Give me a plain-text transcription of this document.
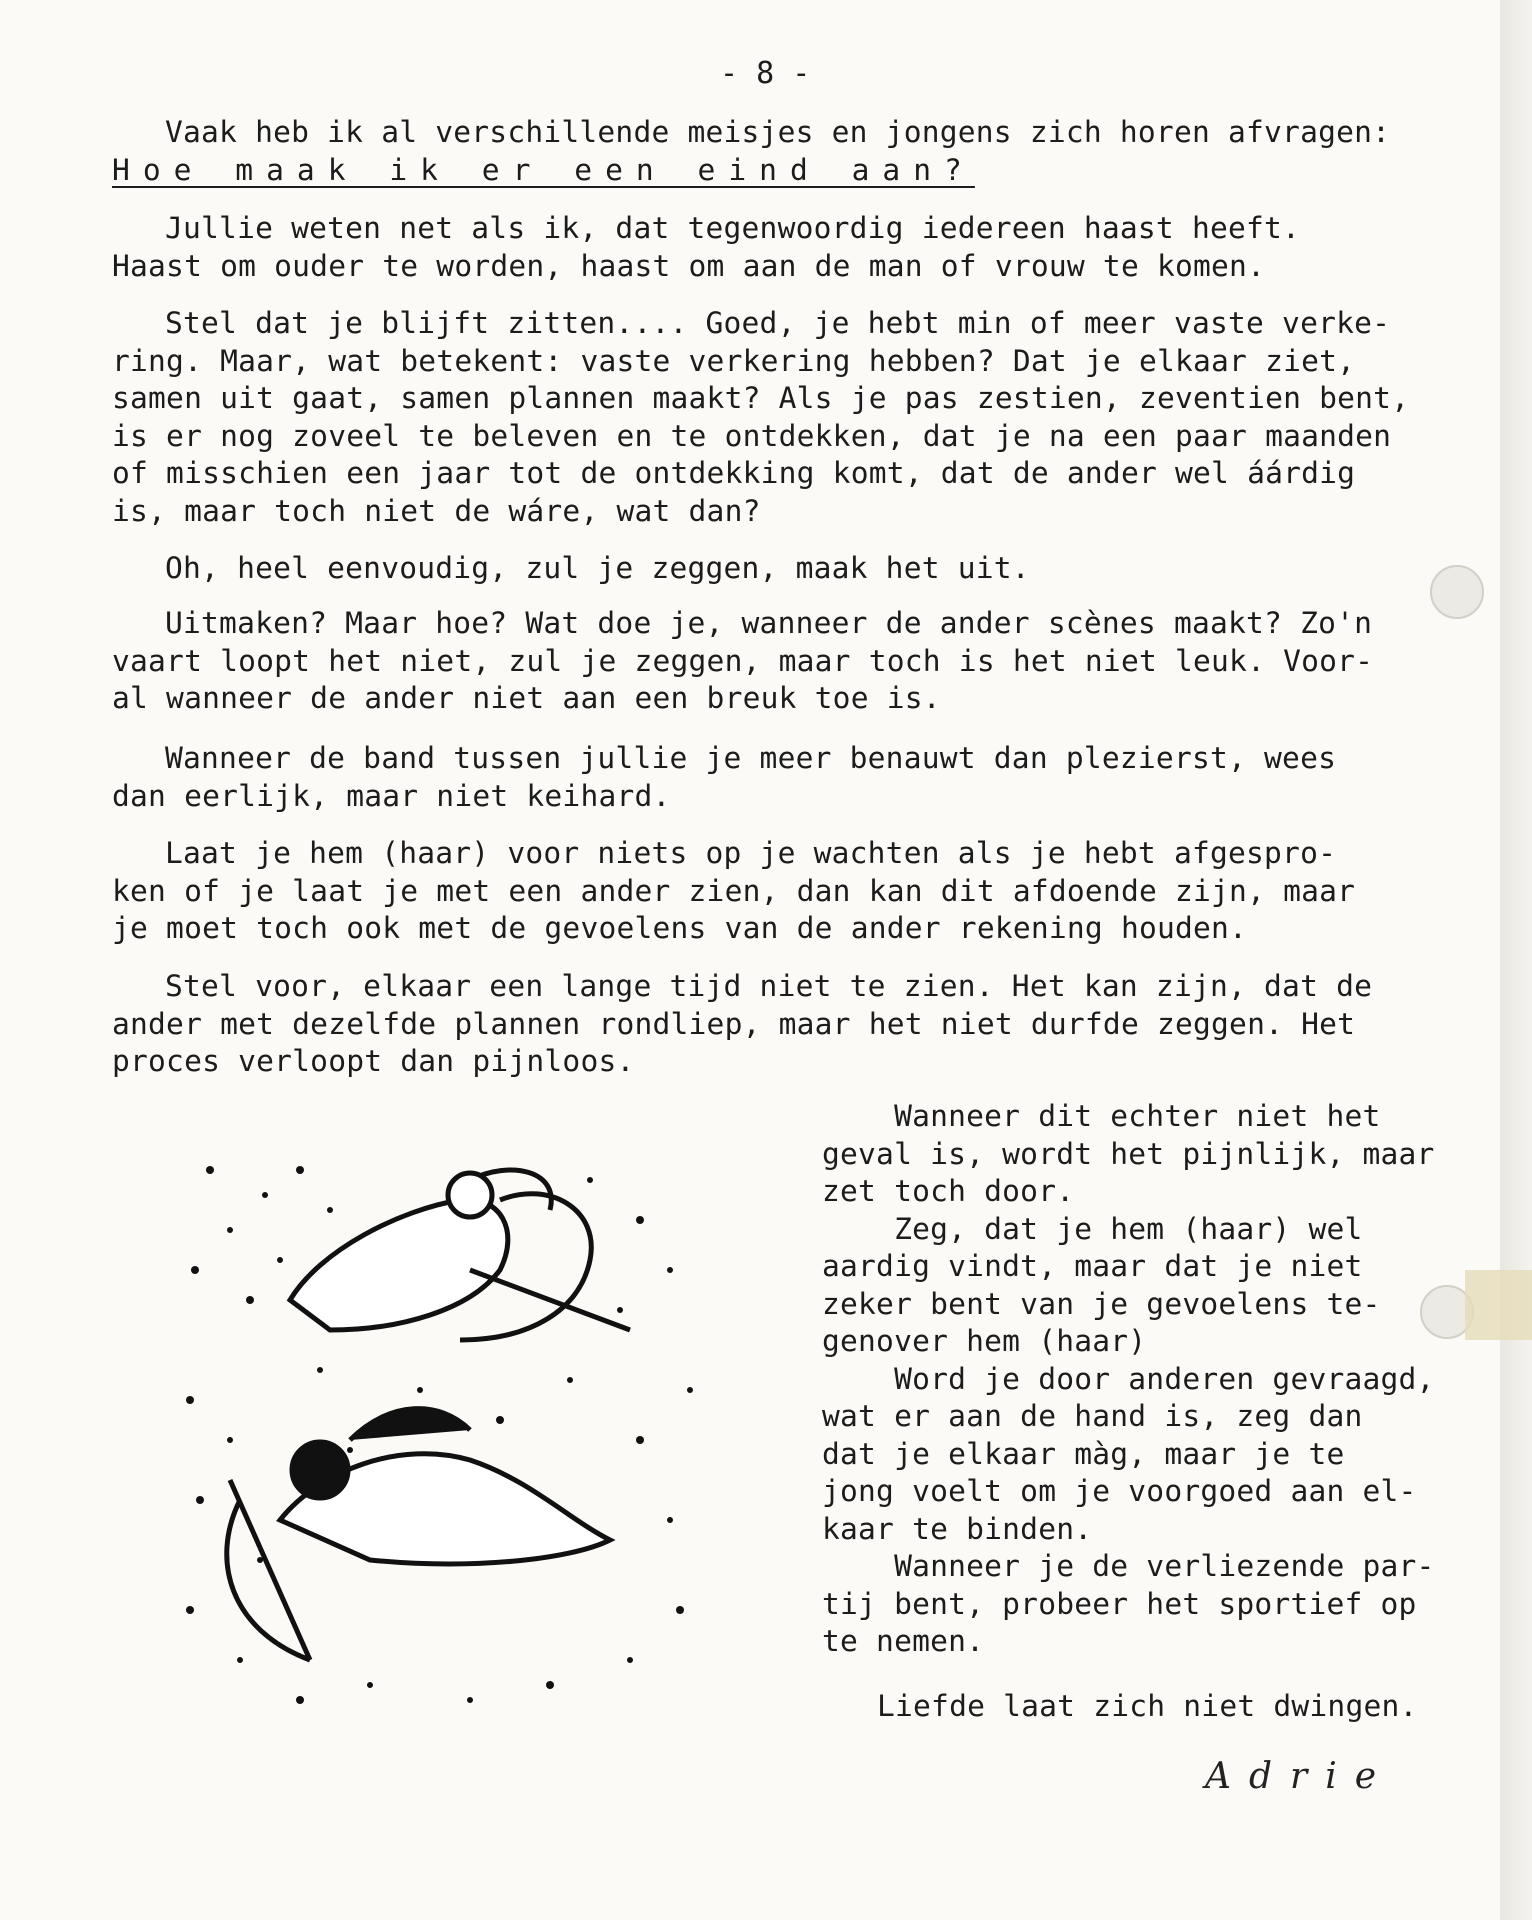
- 8 -
Vaak heb ik al verschillende meisjes en jongens zich horen afvragen:
Hoe maak ik er een eind aan?
Jullie weten net als ik, dat tegenwoordig iedereen haast heeft.
Haast om ouder te worden, haast om aan de man of vrouw te komen.
Stel dat je blijft zitten.... Goed, je hebt min of meer vaste verke-
ring. Maar, wat betekent: vaste verkering hebben? Dat je elkaar ziet,
samen uit gaat, samen plannen maakt? Als je pas zestien, zeventien bent,
is er nog zoveel te beleven en te ontdekken, dat je na een paar maanden
of misschien een jaar tot de ontdekking komt, dat de ander wel áárdig
is, maar toch niet de wáre, wat dan?
Oh, heel eenvoudig, zul je zeggen, maak het uit.
Uitmaken? Maar hoe? Wat doe je, wanneer de ander scènes maakt? Zo'n
vaart loopt het niet, zul je zeggen, maar toch is het niet leuk. Voor-
al wanneer de ander niet aan een breuk toe is.
Wanneer de band tussen jullie je meer benauwt dan plezierst, wees
dan eerlijk, maar niet keihard.
Laat je hem (haar) voor niets op je wachten als je hebt afgespro-
ken of je laat je met een ander zien, dan kan dit afdoende zijn, maar
je moet toch ook met de gevoelens van de ander rekening houden.
Stel voor, elkaar een lange tijd niet te zien. Het kan zijn, dat de
ander met dezelfde plannen rondliep, maar het niet durfde zeggen. Het
proces verloopt dan pijnloos.
Wanneer dit echter niet het
geval is, wordt het pijnlijk, maar
zet toch door.
Zeg, dat je hem (haar) wel
aardig vindt, maar dat je niet
zeker bent van je gevoelens te-
genover hem (haar)
Word je door anderen gevraagd,
wat er aan de hand is, zeg dan
dat je elkaar màg, maar je te
jong voelt om je voorgoed aan el-
kaar te binden.
Wanneer je de verliezende par-
tij bent, probeer het sportief op
te nemen.
Liefde laat zich niet dwingen.
Adrie
